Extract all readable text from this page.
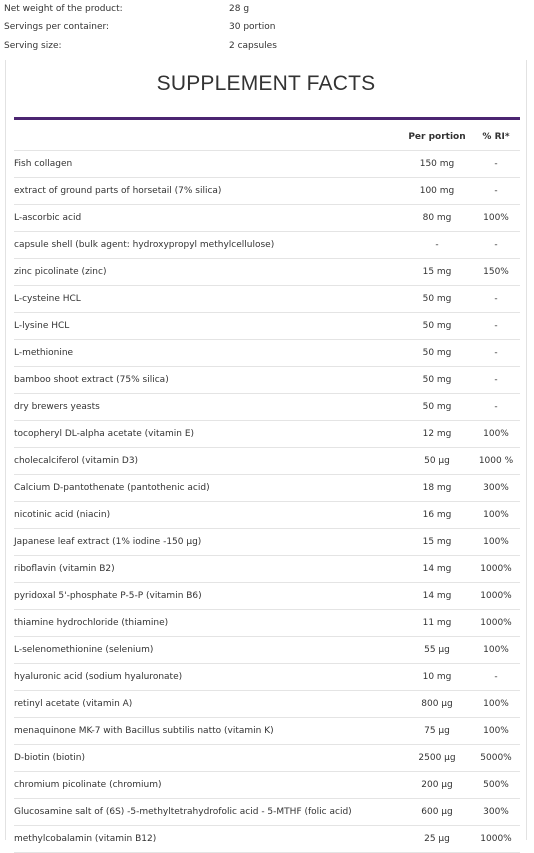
Net weight of the product:	28 g
Servings per container:	30 portion
Serving size:	2 capsules
SUPPLEMENT FACTS
	Per portion	% RI*
Fish collagen	150 mg	-
extract of ground parts of horsetail (7% silica)	100 mg	-
L-ascorbic acid	80 mg	100%
capsule shell (bulk agent: hydroxypropyl methylcellulose)	-	-
zinc picolinate (zinc)	15 mg	150%
L-cysteine HCL	50 mg	-
L-lysine HCL	50 mg	-
L-methionine	50 mg	-
bamboo shoot extract (75% silica)	50 mg	-
dry brewers yeasts	50 mg	-
tocopheryl DL-alpha acetate (vitamin E)	12 mg	100%
cholecalciferol (vitamin D3)	50 µg	1000 %
Calcium D-pantothenate (pantothenic acid)	18 mg	300%
nicotinic acid (niacin)	16 mg	100%
Japanese leaf extract (1% iodine -150 µg)	15 mg	100%
riboflavin (vitamin B2)	14 mg	1000%
pyridoxal 5'-phosphate P-5-P (vitamin B6)	14 mg	1000%
thiamine hydrochloride (thiamine)	11 mg	1000%
L-selenomethionine (selenium)	55 µg	100%
hyaluronic acid (sodium hyaluronate)	10 mg	-
retinyl acetate (vitamin A)	800 µg	100%
menaquinone MK-7 with Bacillus subtilis natto (vitamin K)	75 µg	100%
D-biotin (biotin)	2500 µg	5000%
chromium picolinate (chromium)	200 µg	500%
Glucosamine salt of (6S) -5-methyltetrahydrofolic acid - 5-MTHF (folic acid)	600 µg	300%
methylcobalamin (vitamin B12)	25 µg	1000%
